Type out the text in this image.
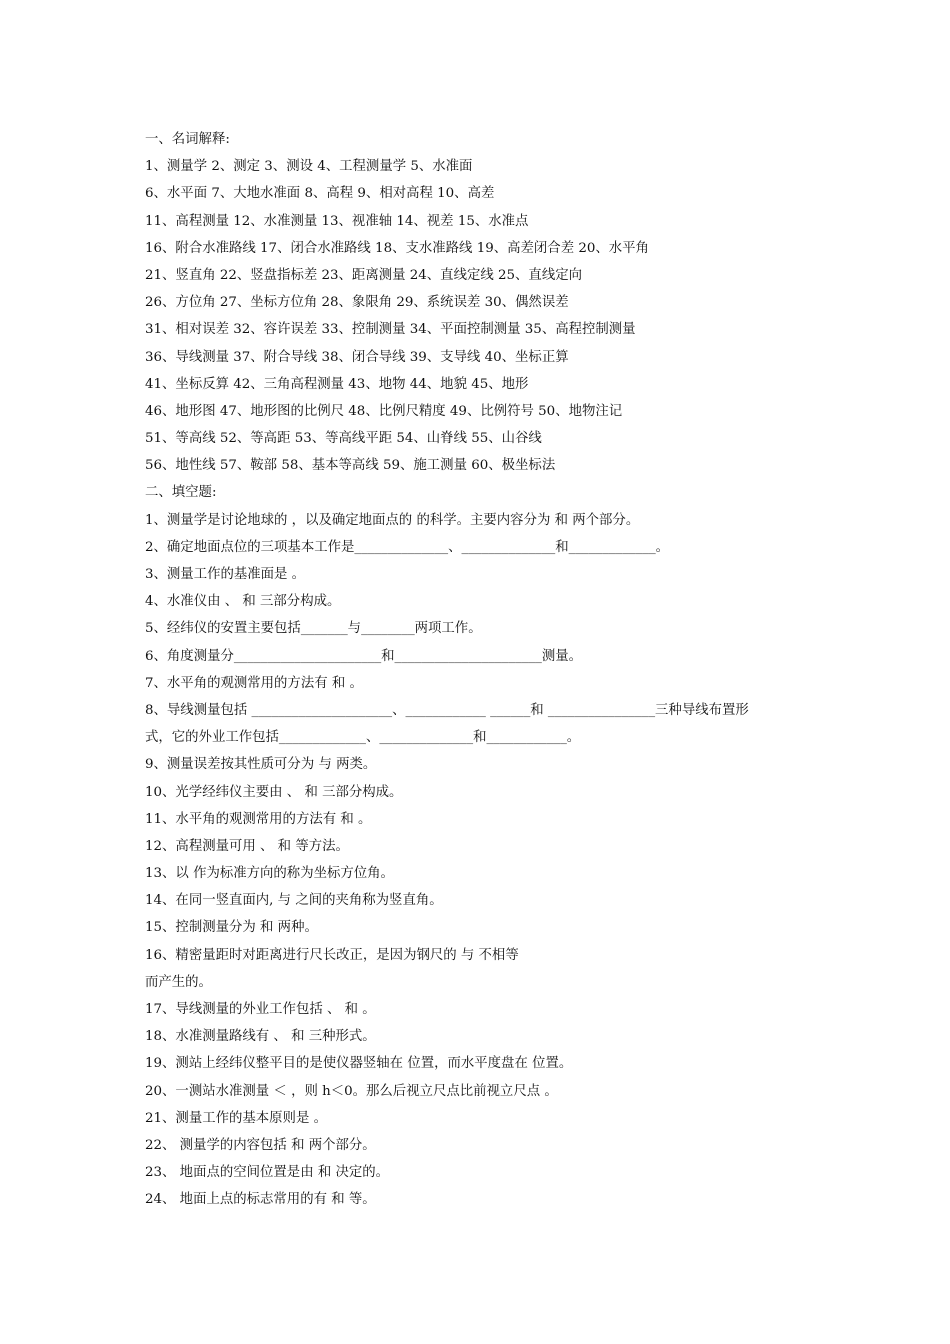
一、名词解释:
1、测量学 2、测定 3、测设 4、工程测量学 5、水准面
6、水平面 7、大地水准面 8、高程 9、相对高程 10、高差
11、高程测量 12、水准测量 13、视准轴 14、视差 15、水准点
16、附合水准路线 17、闭合水准路线 18、支水准路线 19、高差闭合差 20、水平角
21、竖直角 22、竖盘指标差 23、距离测量 24、直线定线 25、直线定向
26、方位角 27、坐标方位角 28、象限角 29、系统误差 30、偶然误差
31、相对误差 32、容许误差 33、控制测量 34、平面控制测量 35、高程控制测量
36、导线测量 37、附合导线 38、闭合导线 39、支导线 40、坐标正算
41、坐标反算 42、三角高程测量 43、地物 44、地貌 45、地形
46、地形图 47、地形图的比例尺 48、比例尺精度 49、比例符号 50、地物注记
51、等高线 52、等高距 53、等高线平距 54、山脊线 55、山谷线
56、地性线 57、鞍部 58、基本等高线 59、施工测量 60、极坐标法
二、填空题:
1、测量学是讨论地球的 ，以及确定地面点的 的科学。主要内容分为 和 两个部分。
2、确定地面点位的三项基本工作是______________、______________和_____________。
3、测量工作的基准面是 。
4、水准仪由 、 和 三部分构成。
5、经纬仪的安置主要包括_______与________两项工作。
6、角度测量分______________________和______________________测量。
7、水平角的观测常用的方法有 和 。
8、导线测量包括 _____________________、____________ ______和 ________________三种导线布置形
式，它的外业工作包括_____________、______________和____________。
9、测量误差按其性质可分为 与 两类。
10、光学经纬仪主要由 、 和 三部分构成。
11、水平角的观测常用的方法有 和 。
12、高程测量可用 、 和 等方法。
13、以 作为标准方向的称为坐标方位角。
14、在同一竖直面内, 与 之间的夹角称为竖直角。
15、控制测量分为 和 两种。
16、精密量距时对距离进行尺长改正，是因为钢尺的 与 不相等
而产生的。
17、导线测量的外业工作包括 、 和 。
18、水准测量路线有 、 和 三种形式。
19、测站上经纬仪整平目的是使仪器竖轴在 位置，而水平度盘在 位置。
20、一测站水准测量 ＜ ，则 h＜0。那么后视立尺点比前视立尺点 。
21、测量工作的基本原则是 。
22、 测量学的内容包括 和 两个部分。
23、 地面点的空间位置是由 和 决定的。
24、 地面上点的标志常用的有 和 等。
